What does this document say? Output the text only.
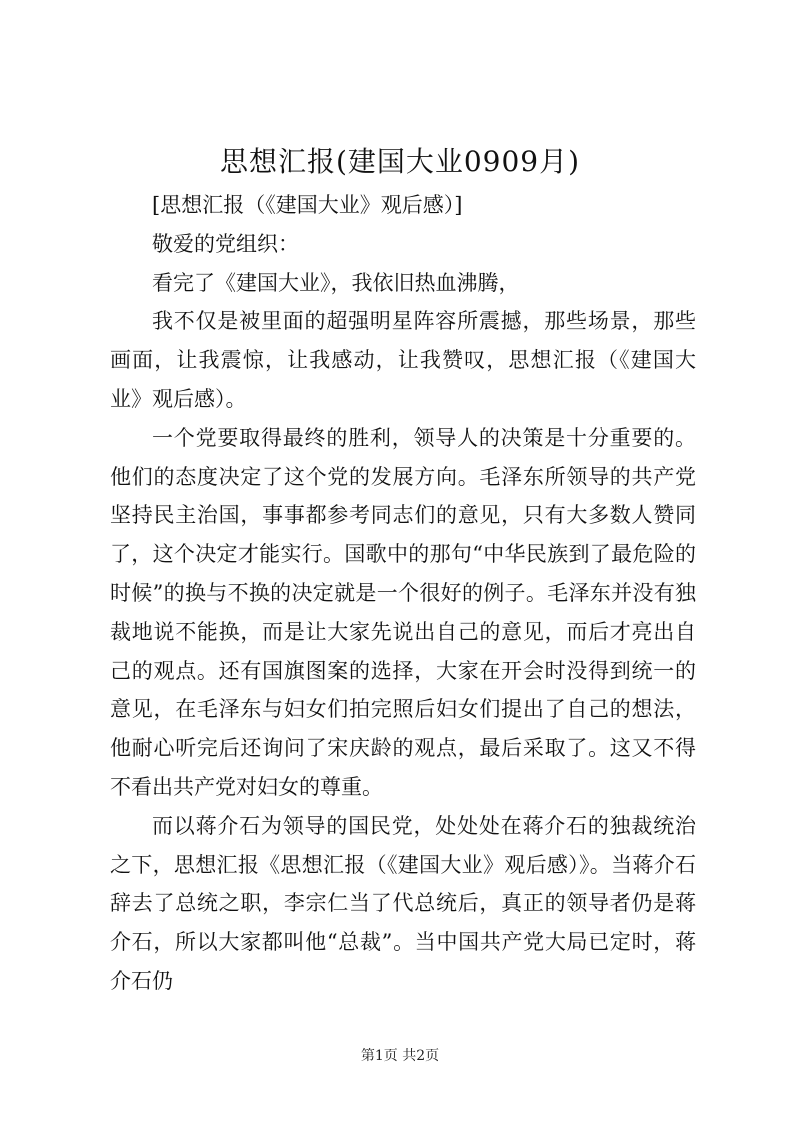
思想汇报(建国大业0909月)

[思想汇报（《建国大业》观后感）]

敬爱的党组织：

看完了《建国大业》，我依旧热血沸腾，

我不仅是被里面的超强明星阵容所震撼，那些场景，那些画面，让我震惊，让我感动，让我赞叹，思想汇报（《建国大业》观后感）。

一个党要取得最终的胜利，领导人的决策是十分重要的。他们的态度决定了这个党的发展方向。毛泽东所领导的共产党坚持民主治国，事事都参考同志们的意见，只有大多数人赞同了，这个决定才能实行。国歌中的那句“中华民族到了最危险的时候”的换与不换的决定就是一个很好的例子。毛泽东并没有独裁地说不能换，而是让大家先说出自己的意见，而后才亮出自己的观点。还有国旗图案的选择，大家在开会时没得到统一的意见，在毛泽东与妇女们拍完照后妇女们提出了自己的想法，他耐心听完后还询问了宋庆龄的观点，最后采取了。这又不得不看出共产党对妇女的尊重。

而以蒋介石为领导的国民党，处处处在蒋介石的独裁统治之下，思想汇报《思想汇报（《建国大业》观后感）》。当蒋介石辞去了总统之职，李宗仁当了代总统后，真正的领导者仍是蒋介石，所以大家都叫他“总裁”。当中国共产党大局已定时，蒋介石仍

第1页 共2页
